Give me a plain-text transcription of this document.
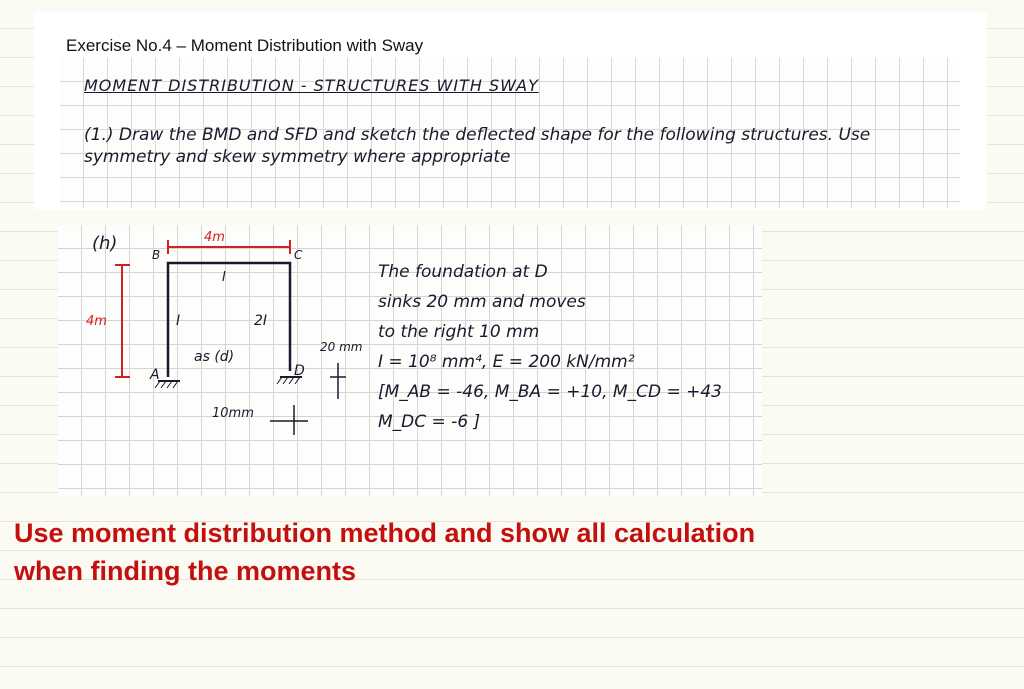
Exercise No.4 – Moment Distribution with Sway
MOMENT DISTRIBUTION - STRUCTURES WITH SWAY
(1.) Draw the BMD and SFD and sketch the deflected shape for the following structures. Use symmetry and skew symmetry where appropriate
(h)	4m
4m
B	C
A	D
I
I	2I
as (d)
20 mm
10mm
The foundation at D
sinks 20 mm and moves
to the right 10 mm
I = 10⁸ mm⁴, E = 200 kN/mm²
[M_AB = -46, M_BA = +10, M_CD = +43
M_DC = -6 ]
Use moment distribution method and show all calculation
when finding the moments
